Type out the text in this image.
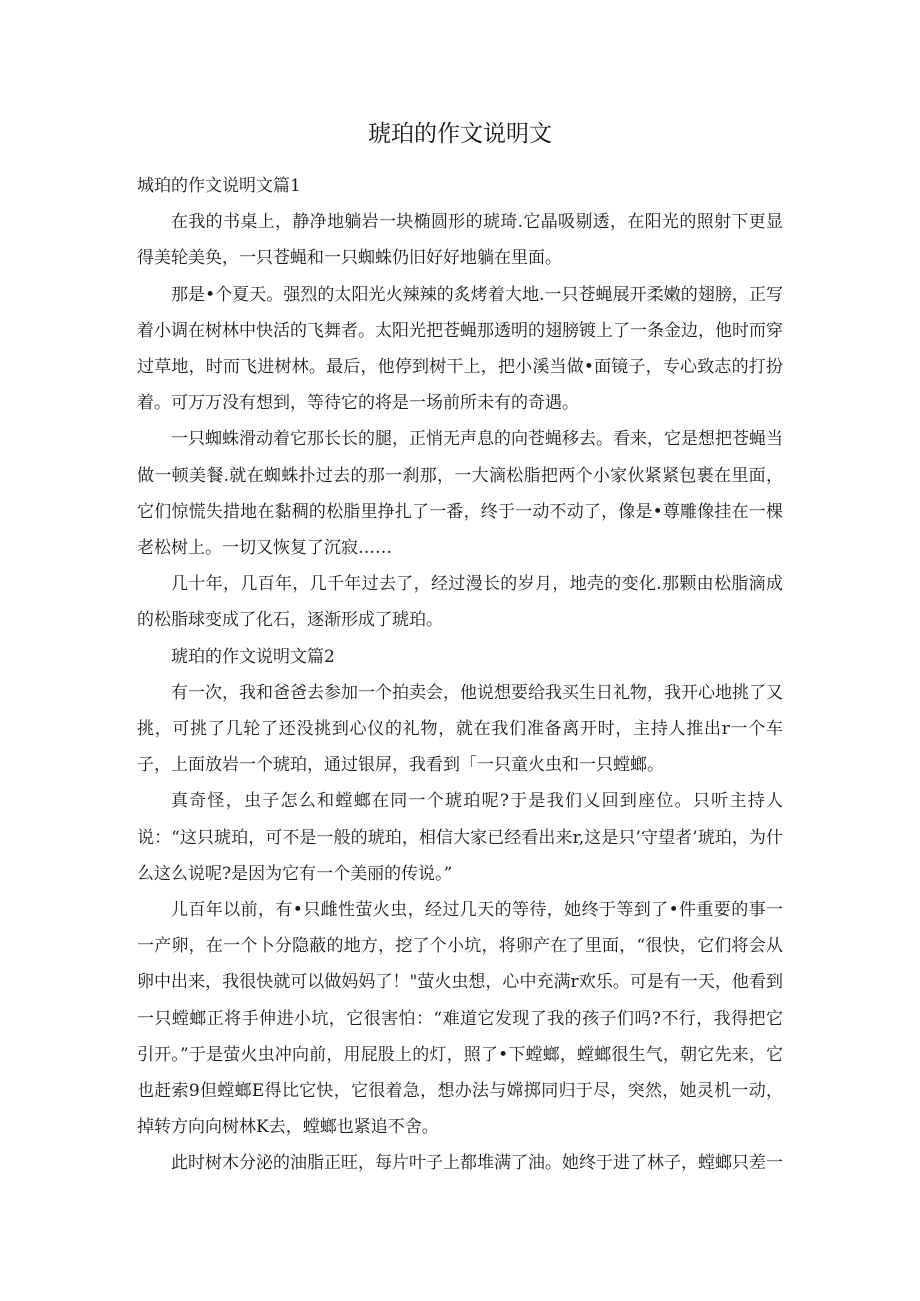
琥珀的作文说明文

城珀的作文说明文篇1

在我的书桌上，静净地躺岩一块椭圆形的琥琦.它晶吸剔透，在阳光的照射下更显得美轮美奂，一只苍蝇和一只蜘蛛仍旧好好地躺在里面。

那是•个夏天。强烈的太阳光火辣辣的炙烤着大地.一只苍蝇展开柔嫩的翅膀，正写着小调在树林中快活的飞舞者。太阳光把苍蝇那透明的翅膀镀上了一条金边，他时而穿过草地，时而飞进树林。最后，他停到树干上，把小溪当做•面镜子，专心致志的打扮着。可万万没有想到，等待它的将是一场前所未有的奇遇。

一只蜘蛛滑动着它那长长的腿，正悄无声息的向苍蝇移去。看来，它是想把苍蝇当做一顿美餐.就在蜘蛛扑过去的那一刹那，一大滴松脂把两个小家伙紧紧包裹在里面，它们惊慌失措地在黏稠的松脂里挣扎了一番，终于一动不动了，像是•尊雕像挂在一棵老松树上。一切又恢复了沉寂……

几十年，几百年，几千年过去了，经过漫长的岁月，地壳的变化.那颗由松脂滴成的松脂球变成了化石，逐渐形成了琥珀。

琥珀的作文说明文篇2

有一次，我和爸爸去参加一个拍卖会，他说想要给我买生日礼物，我开心地挑了又挑，可挑了几轮了还没挑到心仪的礼物，就在我们准备离开时，主持人推出r一个车子，上面放岩一个琥珀，通过银屏，我看到「一只童火虫和一只螳螂。

真奇怪，虫子怎么和螳螂在同一个琥珀呢?于是我们乂回到座位。只听主持人说：“这只琥珀，可不是一般的琥珀，相信大家已经看出来r,这是只’守望者’琥珀，为什么这么说呢?是因为它有一个美丽的传说。”

儿百年以前，有•只雌性萤火虫，经过几天的等待，她终于等到了•件重要的事一一产卵，在一个卜分隐蔽的地方，挖了个小坑，将卵产在了里面，“很快，它们将会从卵中出来，我很快就可以做妈妈了！"萤火虫想，心中充满r欢乐。可是有一天，他看到一只螳螂正将手伸进小坑，它很害怕：“难道它发现了我的孩子们吗?不行，我得把它引开。”于是萤火虫冲向前，用屁股上的灯，照了•下螳螂，螳螂很生气，朝它先来，它也赶索9但螳螂E得比它快，它很着急，想办法与嫦掷同归于尽，突然，她灵机一动，掉转方向向树林K去，螳螂也紧追不舍。

此时树木分泌的油脂正旺，每片叶子上都堆满了油。她终于进了林子，螳螂只差一
